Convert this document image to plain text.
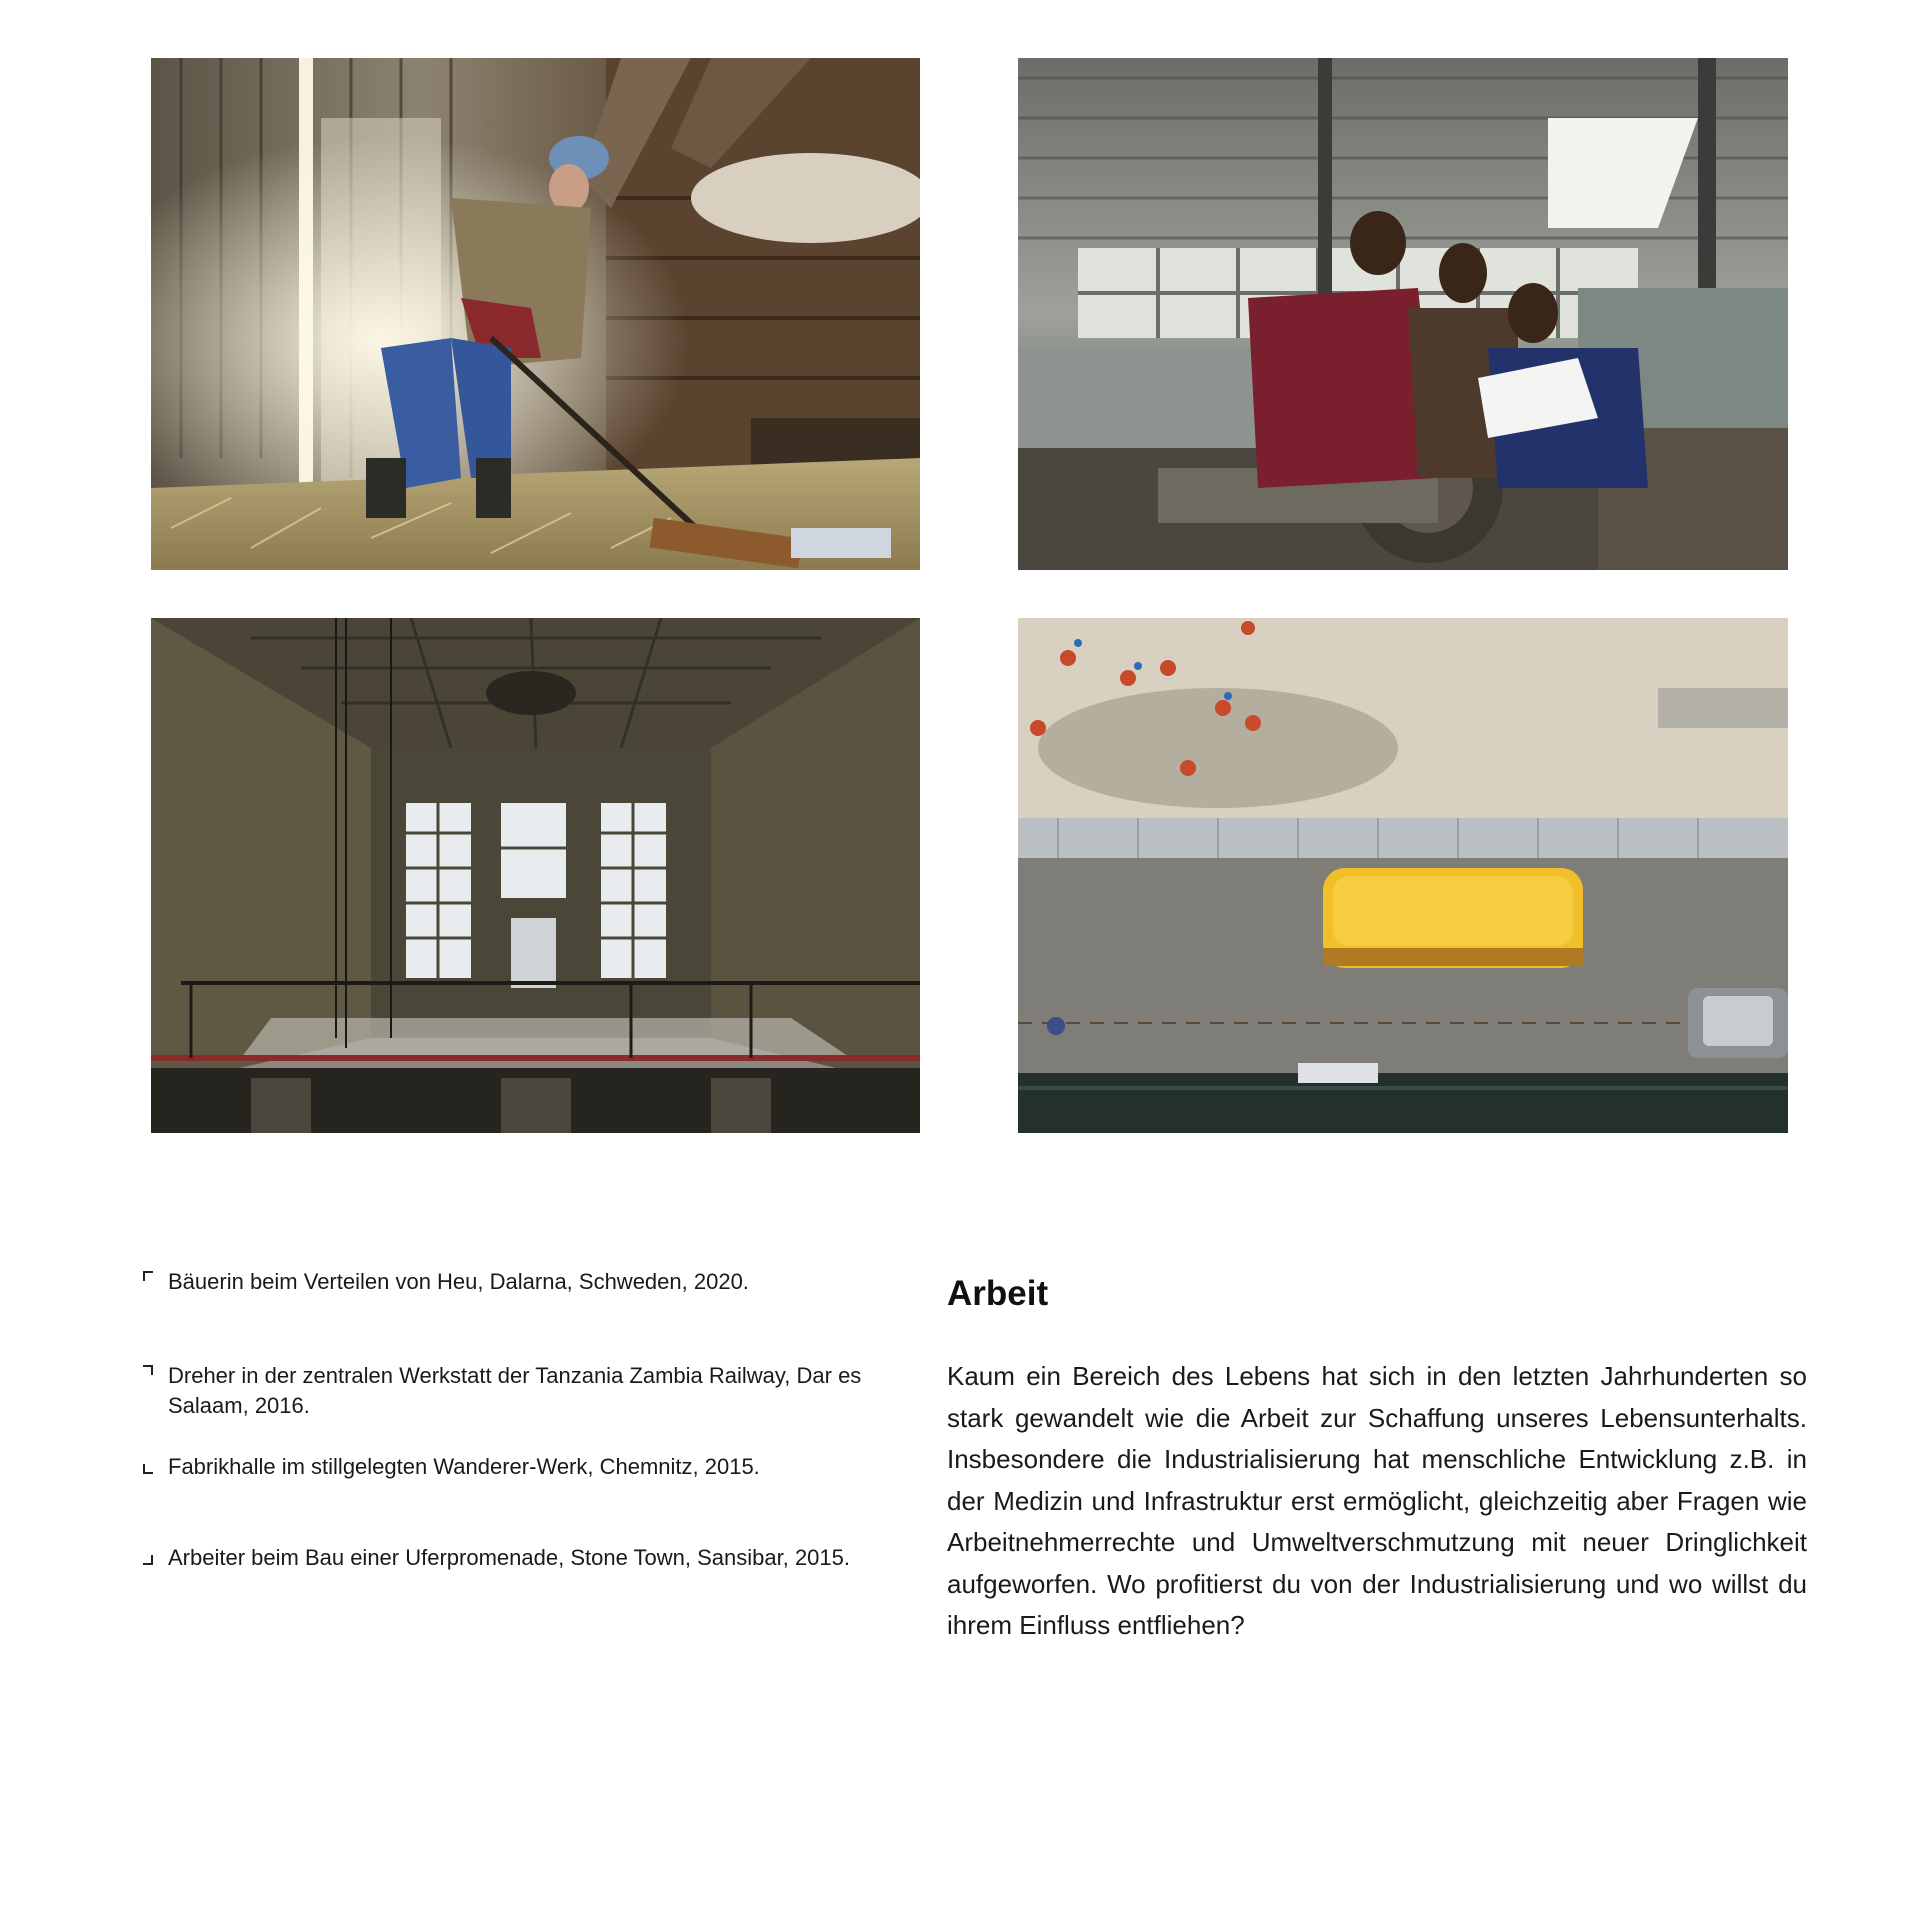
Bäuerin beim Verteilen von Heu, Dalarna, Schweden, 2020.
Dreher in der zentralen Werkstatt der Tanzania Zambia Railway, Dar es Salaam, 2016.
Fabrikhalle im stillgelegten Wanderer-Werk, Chemnitz, 2015.
Arbeiter beim Bau einer Uferpromenade, Stone Town, Sansibar, 2015.
Arbeit

Kaum ein Bereich des Lebens hat sich in den letzten Jahrhunderten so stark gewandelt wie die Arbeit zur Schaffung unseres Lebensunterhalts. Insbesondere die Industrialisierung hat menschliche Entwicklung z.B. in der Medizin und Infrastruktur erst ermöglicht, gleichzeitig aber Fragen wie Arbeitnehmerrechte und Umweltverschmutzung mit neuer Dringlichkeit aufgeworfen. Wo profitierst du von der Industrialisierung und wo willst du ihrem Einfluss entfliehen?
